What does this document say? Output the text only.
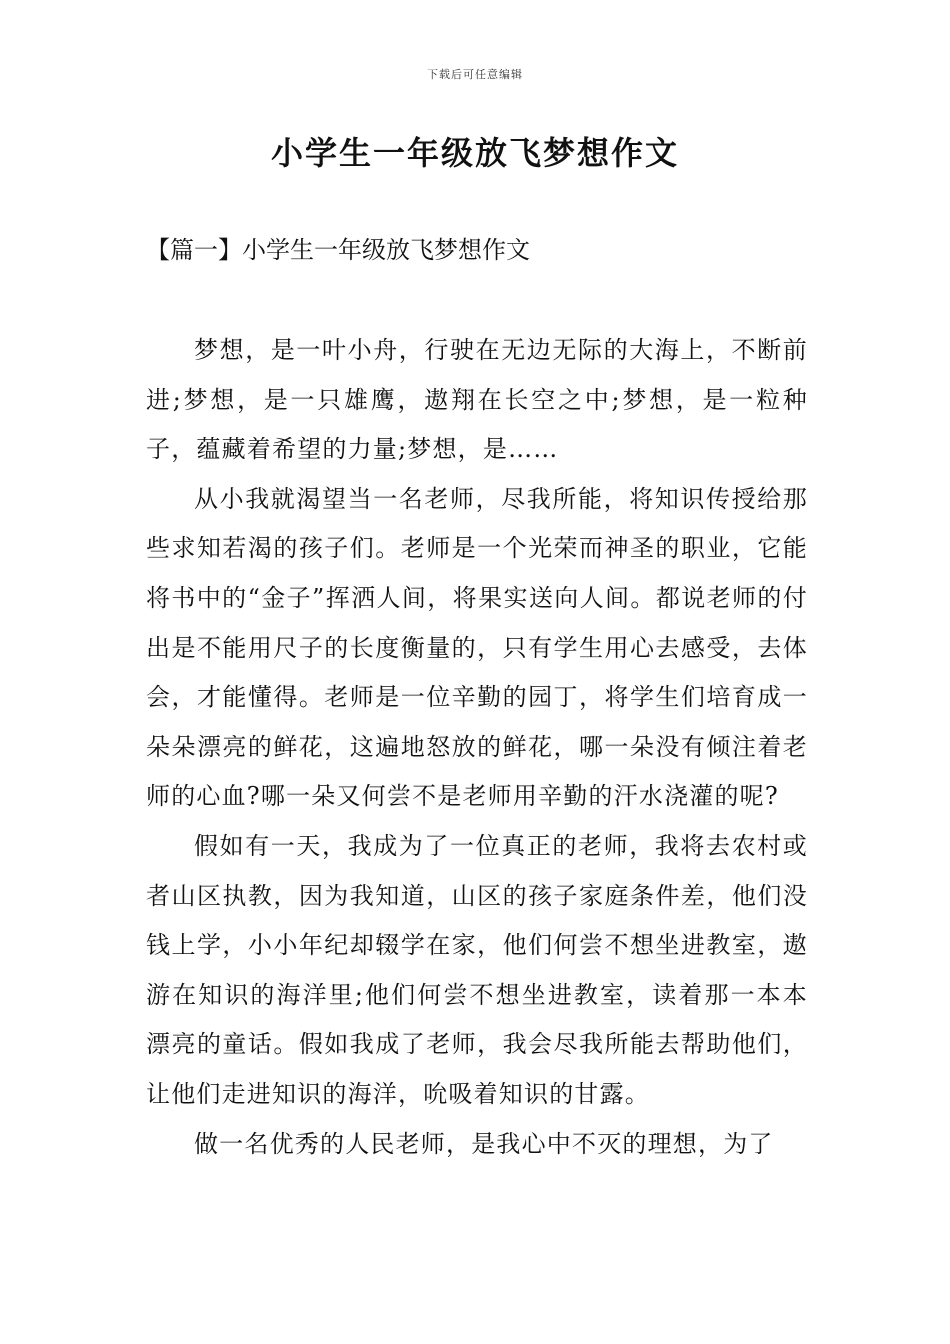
下载后可任意编辑
小学生一年级放飞梦想作文
【篇一】小学生一年级放飞梦想作文

梦想，是一叶小舟，行驶在无边无际的大海上，不断前进;梦想，是一只雄鹰，遨翔在长空之中;梦想，是一粒种子，蕴藏着希望的力量;梦想，是……

从小我就渴望当一名老师，尽我所能，将知识传授给那些求知若渴的孩子们。老师是一个光荣而神圣的职业，它能将书中的“金子”挥洒人间，将果实送向人间。都说老师的付出是不能用尺子的长度衡量的，只有学生用心去感受，去体会，才能懂得。老师是一位辛勤的园丁，将学生们培育成一朵朵漂亮的鲜花，这遍地怒放的鲜花，哪一朵没有倾注着老师的心血?哪一朵又何尝不是老师用辛勤的汗水浇灌的呢?

假如有一天，我成为了一位真正的老师，我将去农村或者山区执教，因为我知道，山区的孩子家庭条件差，他们没钱上学，小小年纪却辍学在家，他们何尝不想坐进教室，遨游在知识的海洋里;他们何尝不想坐进教室，读着那一本本漂亮的童话。假如我成了老师，我会尽我所能去帮助他们，让他们走进知识的海洋，吮吸着知识的甘露。

做一名优秀的人民老师，是我心中不灭的理想，为了
